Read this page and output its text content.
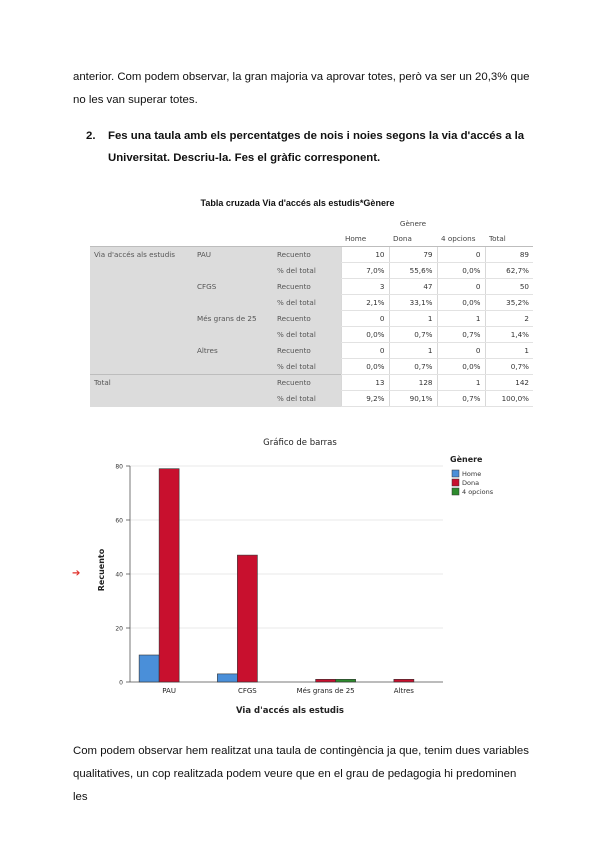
anterior. Com podem observar, la gran majoria va aprovar totes, però va ser un 20,3% que no les van superar totes.

2.	Fes una taula amb els percentatges de nois i noies segons la via d'accés a la Universitat. Descriu-la. Fes el gràfic corresponent.
Tabla cruzada Via d'accés als estudis*Gènere
				Gènere		
			Home	Dona	4 opcions	Total
Via d'accés als estudis	PAU	Recuento	10	79	0	89
		% del total	7,0%	55,6%	0,0%	62,7%
	CFGS	Recuento	3	47	0	50
		% del total	2,1%	33,1%	0,0%	35,2%
	Més grans de 25	Recuento	0	1	1	2
		% del total	0,0%	0,7%	0,7%	1,4%
	Altres	Recuento	0	1	0	1
		% del total	0,0%	0,7%	0,0%	0,7%
Total		Recuento	13	128	1	142
		% del total	9,2%	90,1%	0,7%	100,0%
➔
Gráfico de barras
Recuento
Via d'accés als estudis
Gènere
0
20
40
60
80
PAU	CFGS	Més grans de 25	Altres
Home
Dona
4 opcions

Com podem observar hem realitzat una taula de contingència ja que, tenim dues variables qualitatives, un cop realitzada podem veure que en el grau de pedagogia hi predominen les
